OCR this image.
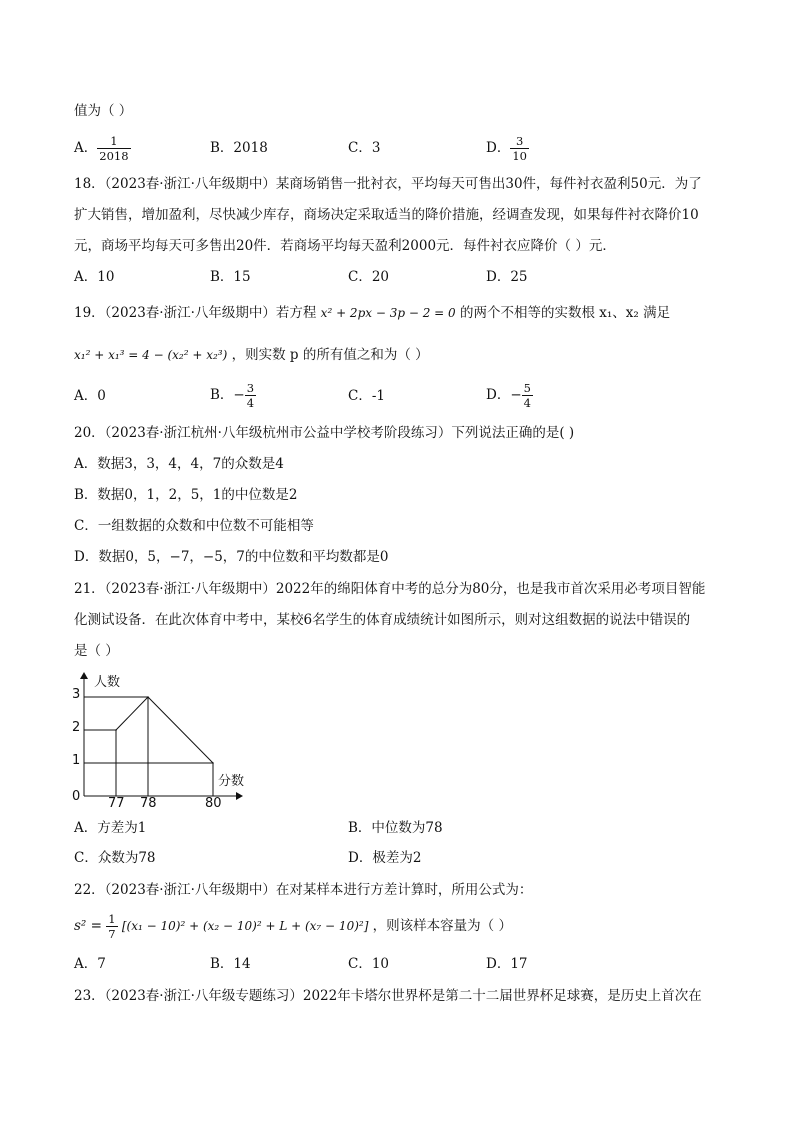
值为（ ）
A． $\frac{1}{2018}$	B．2018	C．3	D． $\frac{3}{10}$
18．（2023春·浙江·八年级期中）某商场销售一批衬衣，平均每天可售出30件，每件衬衣盈利50元．为了
扩大销售，增加盈利，尽快减少库存，商场决定采取适当的降价措施，经调查发现，如果每件衬衣降价10
元，商场平均每天可多售出20件．若商场平均每天盈利2000元．每件衬衣应降价（ ）元．
A．10	B．15	C．20	D．25
19．（2023春·浙江·八年级期中）若方程 x² + 2px − 3p − 2 = 0 的两个不相等的实数根 x₁、x₂ 满足
x₁² + x₁³ = 4 − (x₂² + x₂³) ，则实数 p 的所有值之和为（ ）
A．0	B．− $\frac{3}{4}$	C．-1	D．− $\frac{5}{4}$
20．（2023春·浙江杭州·八年级杭州市公益中学校考阶段练习）下列说法正确的是( )
A．数据3，3，4，4，7的众数是4
B．数据0，1，2，5，1的中位数是2
C．一组数据的众数和中位数不可能相等
D．数据0，5，−7，−5，7的中位数和平均数都是0
21．（2023春·浙江·八年级期中）2022年的绵阳体育中考的总分为80分，也是我市首次采用必考项目智能
化测试设备．在此次体育中考中，某校6名学生的体育成绩统计如图所示，则对这组数据的说法中错误的
是（ ）
人数
分数
0
1
2
3
77 78	80
A．方差为1	B．中位数为78
C．众数为78	D．极差为2
22．（2023春·浙江·八年级期中）在对某样本进行方差计算时，所用公式为：
$s^2 = \frac{1}{7} [(x_1 - 10)^2 + (x_2 - 10)^2 + L + (x_7 - 10)^2]$ ，则该样本容量为（ ）
A．7	B．14	C．10	D．17
23．（2023春·浙江·八年级专题练习）2022年卡塔尔世界杯是第二十二届世界杯足球赛，是历史上首次在
